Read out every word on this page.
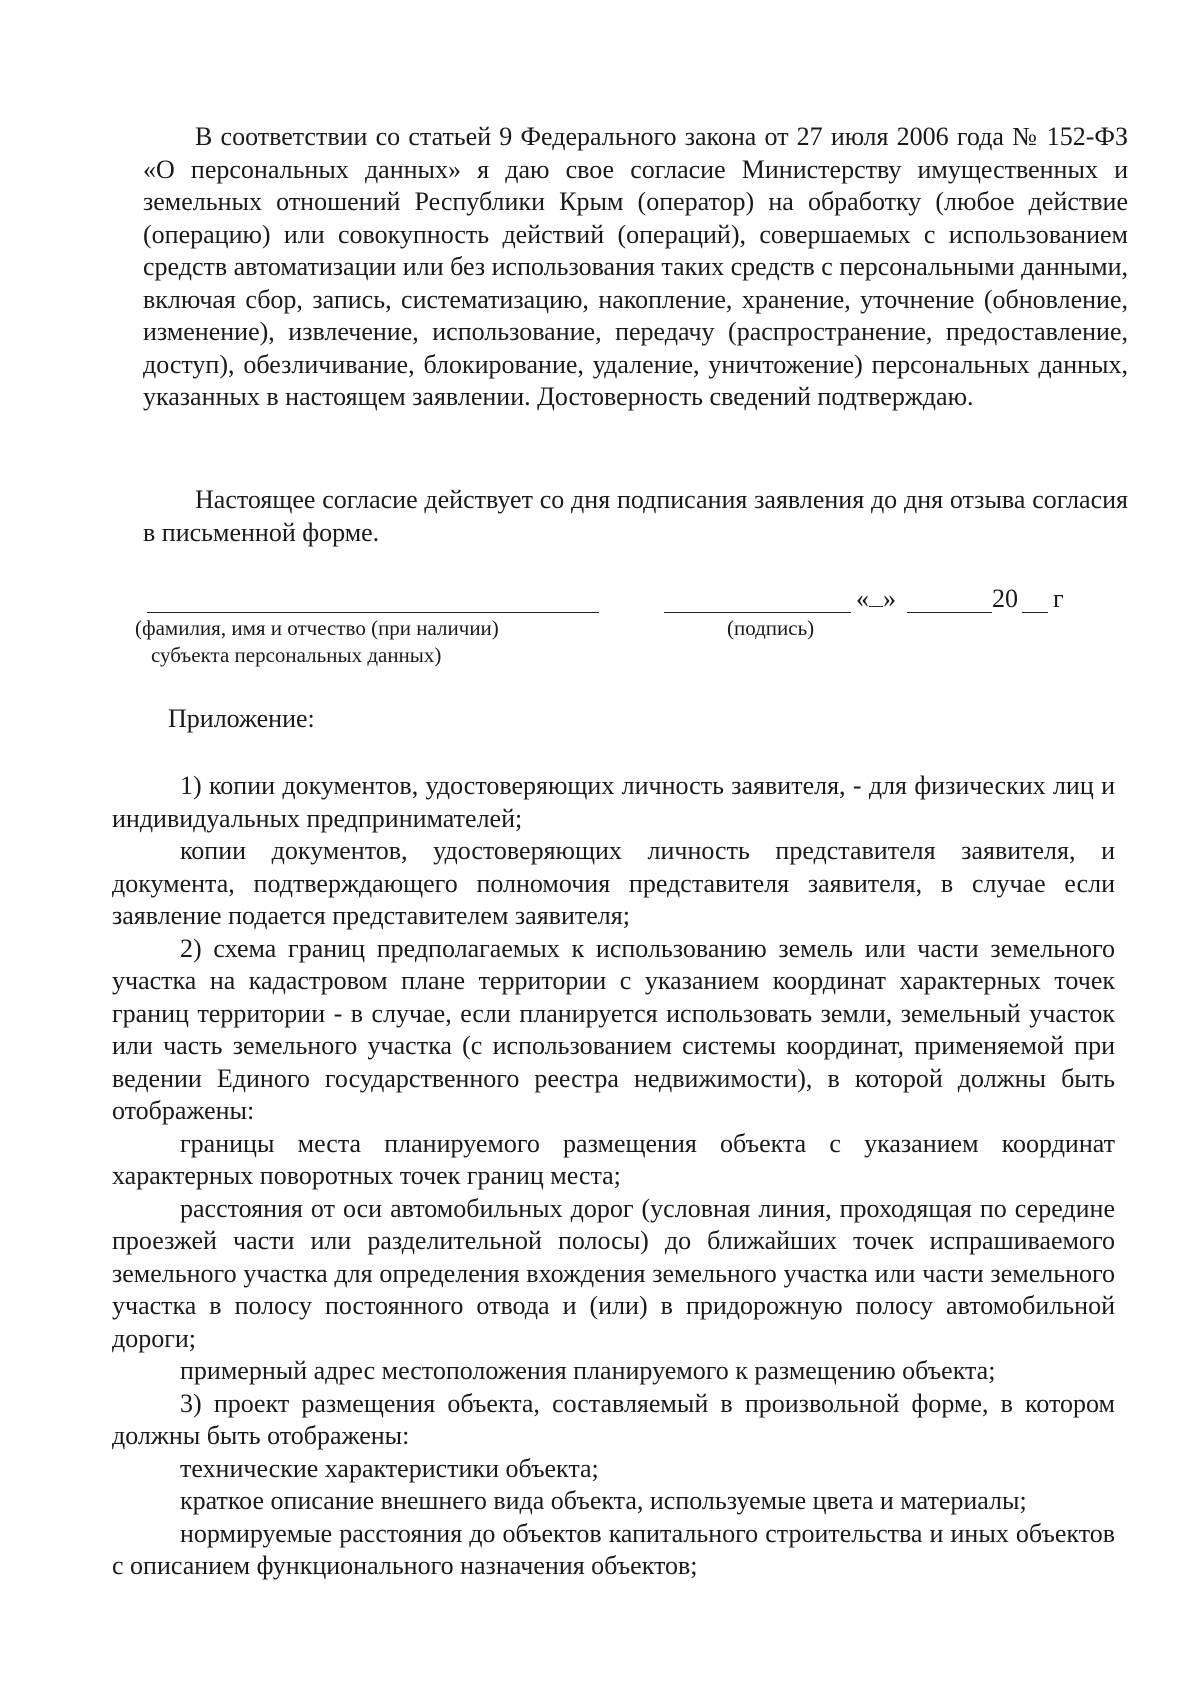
В соответствии со статьей 9 Федерального закона от 27 июля 2006 года № 152-ФЗ «О персональных данных» я даю свое согласие Министерству имущественных и земельных отношений Республики Крым (оператор) на обработку (любое действие (операцию) или совокупность действий (операций), совершаемых с использованием средств автоматизации или без использования таких средств с персональными данными, включая сбор, запись, систематизацию, накопление, хранение, уточнение (обновление, изменение), извлечение, использование, передачу (распространение, предоставление, доступ), обезличивание, блокирование, удаление, уничтожение) персональных данных, указанных в настоящем заявлении. Достоверность сведений подтверждаю.

Настоящее согласие действует со дня подписания заявления до дня отзыва согласия в письменной форме.

« »	20 г
(фамилия, имя и отчество (при наличии)
субъекта персональных данных)
(подпись)
Приложение:

1) копии документов, удостоверяющих личность заявителя, - для физических лиц и индивидуальных предпринимателей;

копии документов, удостоверяющих личность представителя заявителя, и документа, подтверждающего полномочия представителя заявителя, в случае если заявление подается представителем заявителя;

2) схема границ предполагаемых к использованию земель или части земельного участка на кадастровом плане территории с указанием координат характерных точек границ территории - в случае, если планируется использовать земли, земельный участок или часть земельного участка (с использованием системы координат, применяемой при ведении Единого государственного реестра недвижимости), в которой должны быть отображены:

границы места планируемого размещения объекта с указанием координат характерных поворотных точек границ места;

расстояния от оси автомобильных дорог (условная линия, проходящая по середине проезжей части или разделительной полосы) до ближайших точек испрашиваемого земельного участка для определения вхождения земельного участка или части земельного участка в полосу постоянного отвода и (или) в придорожную полосу автомобильной дороги;

примерный адрес местоположения планируемого к размещению объекта;

3) проект размещения объекта, составляемый в произвольной форме, в котором должны быть отображены:

технические характеристики объекта;

краткое описание внешнего вида объекта, используемые цвета и материалы;

нормируемые расстояния до объектов капитального строительства и иных объектов с описанием функционального назначения объектов;
